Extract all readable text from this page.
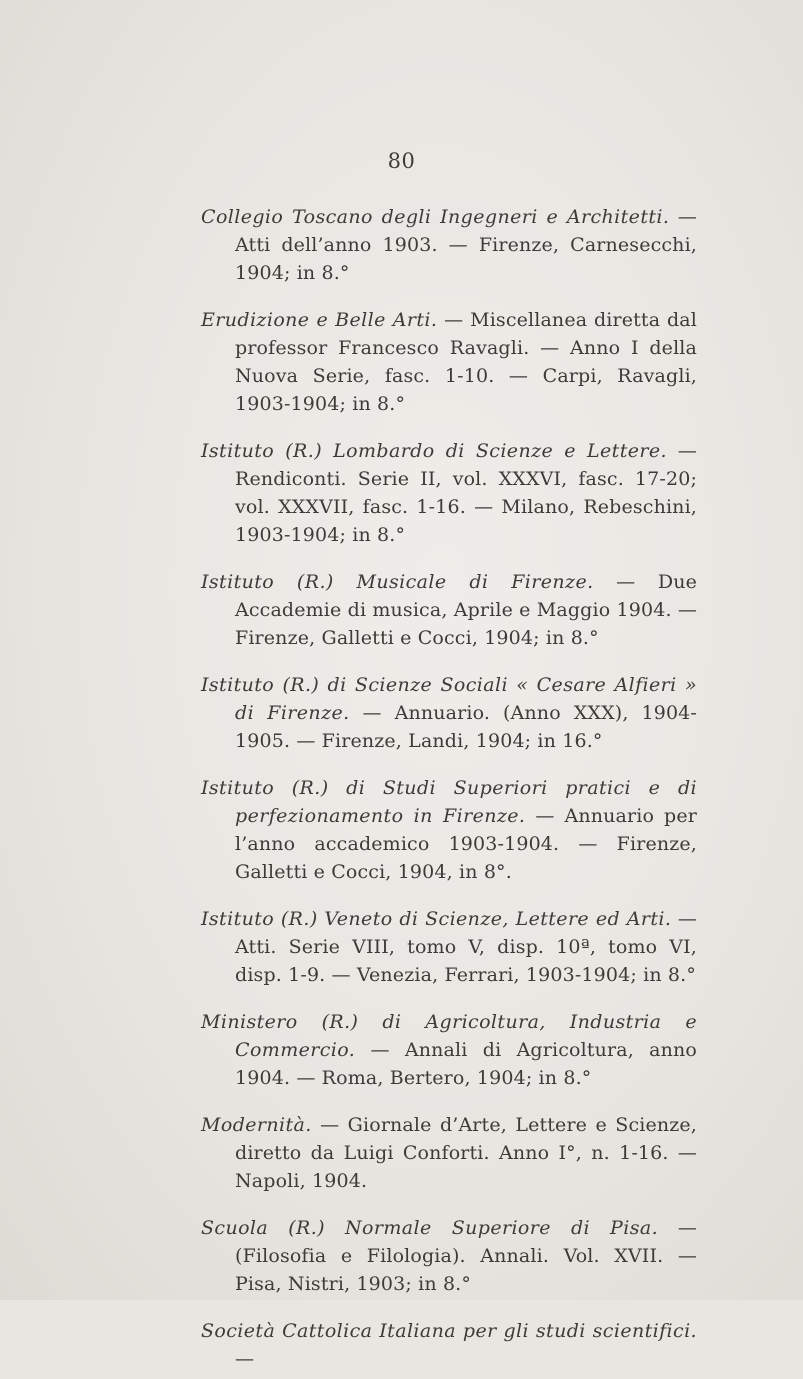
80

Collegio Toscano degli Ingegneri e Architetti. — Atti dell’anno 1903. — Firenze, Carnesecchi, 1904; in 8.°

Erudizione e Belle Arti. — Miscellanea diretta dal professor Francesco Ravagli. — Anno I della Nuova Serie, fasc. 1-10. — Carpi, Ravagli, 1903-1904; in 8.°

Istituto (R.) Lombardo di Scienze e Lettere. — Rendiconti. Serie II, vol. XXXVI, fasc. 17-20; vol. XXXVII, fasc. 1-16. — Milano, Rebeschini, 1903-1904; in 8.°

Istituto (R.) Musicale di Firenze. — Due Accademie di musica, Aprile e Maggio 1904. — Firenze, Galletti e Cocci, 1904; in 8.°

Istituto (R.) di Scienze Sociali « Cesare Alfieri » di Firenze. — Annuario. (Anno XXX), 1904-1905. — Firenze, Landi, 1904; in 16.°

Istituto (R.) di Studi Superiori pratici e di perfezionamento in Firenze. — Annuario per l’anno accademico 1903-1904. — Firenze, Galletti e Cocci, 1904, in 8°.

Istituto (R.) Veneto di Scienze, Lettere ed Arti. — Atti. Serie VIII, tomo V, disp. 10ª, tomo VI, disp. 1-9. — Venezia, Ferrari, 1903-1904; in 8.°

Ministero (R.) di Agricoltura, Industria e Commercio. — Annali di Agricoltura, anno 1904. — Roma, Bertero, 1904; in 8.°

Modernità. — Giornale d’Arte, Lettere e Scienze, diretto da Luigi Conforti. Anno I°, n. 1-16. — Napoli, 1904.

Scuola (R.) Normale Superiore di Pisa. — (Filosofia e Filologia). Annali. Vol. XVII. — Pisa, Nistri, 1903; in 8.°

Società Cattolica Italiana per gli studi scientifici. —
